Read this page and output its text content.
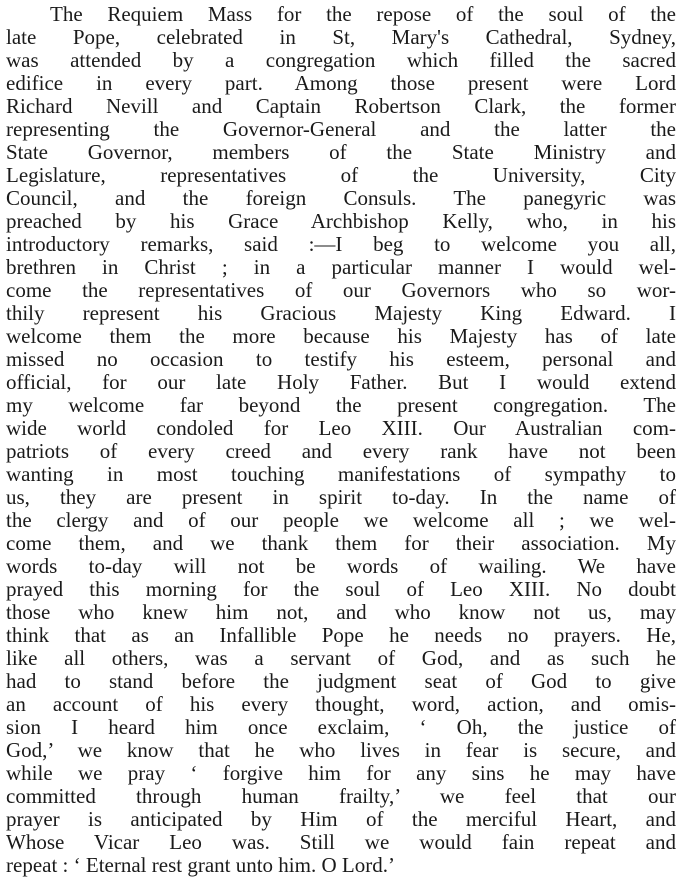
The Requiem Mass for the repose of the soul of the
late Pope, celebrated in St, Mary's Cathedral, Sydney,
was attended by a congregation which filled the sacred
edifice in every part. Among those present were Lord
Richard Nevill and Captain Robertson Clark, the former
representing the Governor-General and the latter the
State Governor, members of the State Ministry and
Legislature, representatives of the University, City
Council, and the foreign Consuls. The panegyric was
preached by his Grace Archbishop Kelly, who, in his
introductory remarks, said :—I beg to welcome you all,
brethren in Christ ; in a particular manner I would wel-
come the representatives of our Governors who so wor-
thily represent his Gracious Majesty King Edward. I
welcome them the more because his Majesty has of late
missed no occasion to testify his esteem, personal and
official, for our late Holy Father. But I would extend
my welcome far beyond the present congregation. The
wide world condoled for Leo XIII. Our Australian com-
patriots of every creed and every rank have not been
wanting in most touching manifestations of sympathy to
us, they are present in spirit to-day. In the name of
the clergy and of our people we welcome all ; we wel-
come them, and we thank them for their association. My
words to-day will not be words of wailing. We have
prayed this morning for the soul of Leo XIII. No doubt
those who knew him not, and who know not us, may
think that as an Infallible Pope he needs no prayers. He,
like all others, was a servant of God, and as such he
had to stand before the judgment seat of God to give
an account of his every thought, word, action, and omis-
sion I heard him once exclaim, ‘ Oh, the justice of
God,’ we know that he who lives in fear is secure, and
while we pray ‘ forgive him for any sins he may have
committed through human frailty,’ we feel that our
prayer is anticipated by Him of the merciful Heart, and
Whose Vicar Leo was. Still we would fain repeat and
repeat : ‘ Eternal rest grant unto him. O Lord.’
